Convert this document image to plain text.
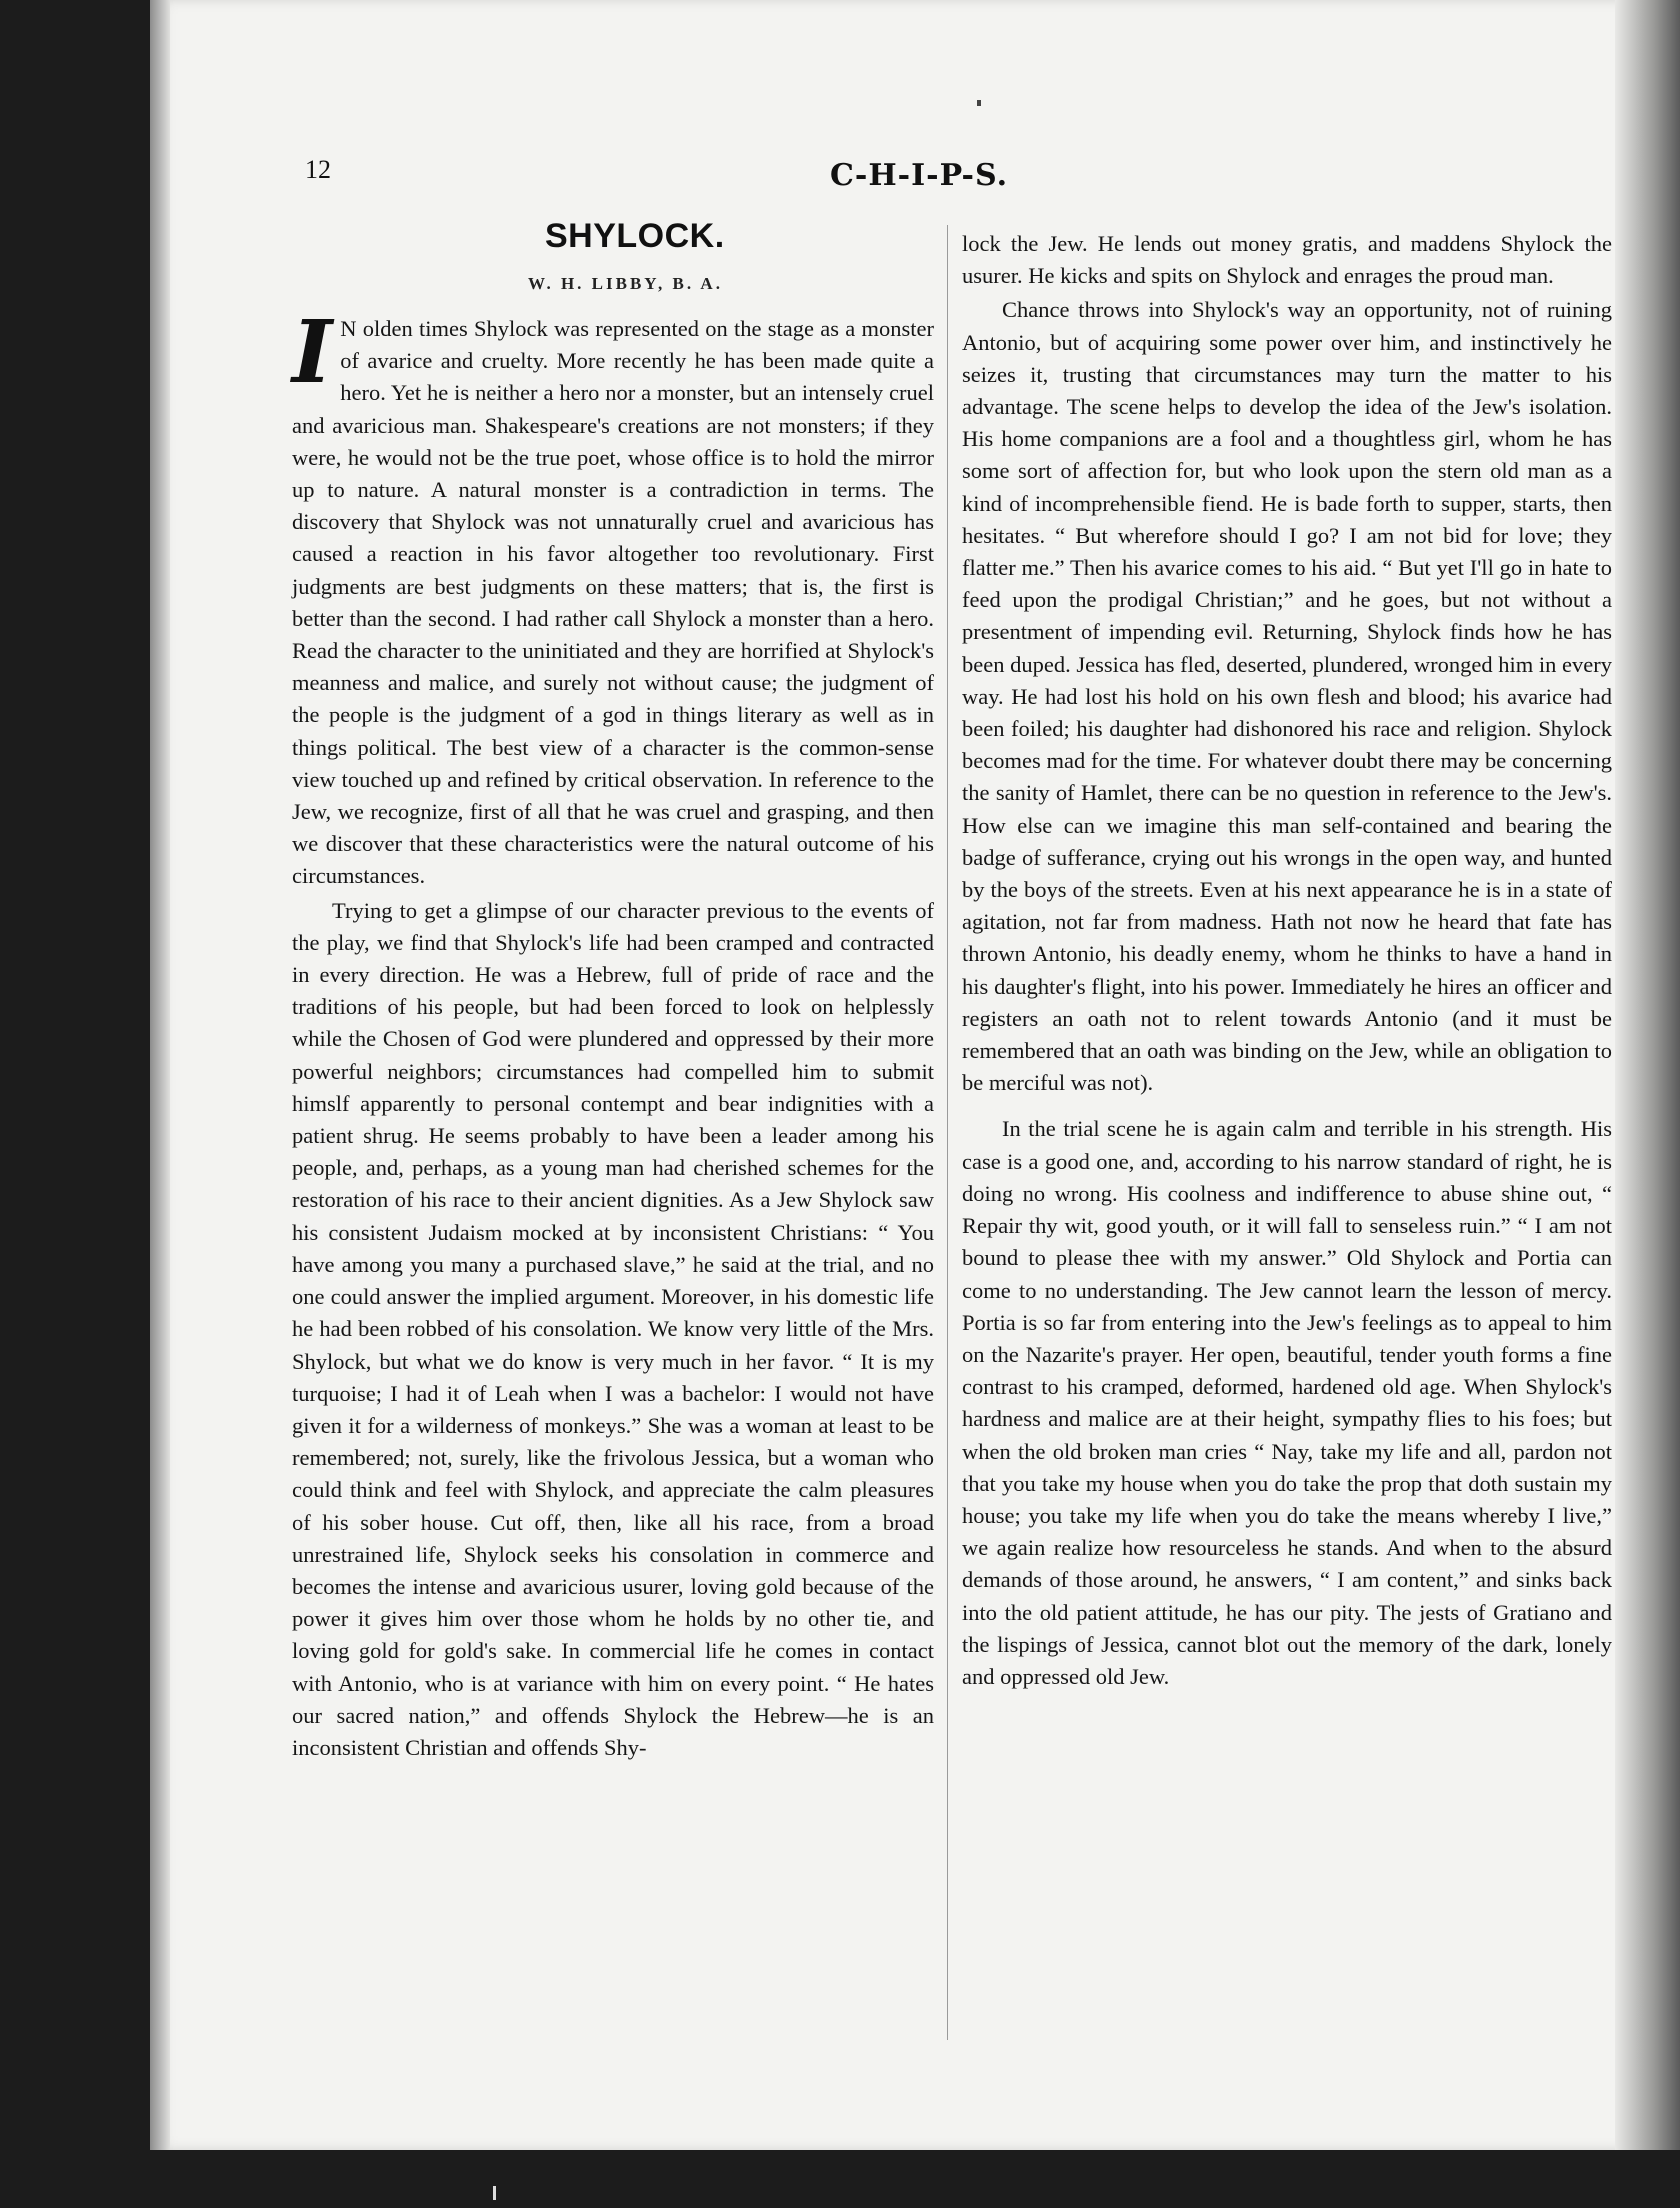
12	C-H-I-P-S.
SHYLOCK.
W. H. LIBBY, B. A.

I N olden times Shylock was represented on the stage as a monster of avarice and cruelty. More recently he has been made quite a hero. Yet he is neither a hero nor a monster, but an intensely cruel and avaricious man. Shakespeare's creations are not monsters; if they were, he would not be the true poet, whose office is to hold the mirror up to nature. A natural monster is a contradiction in terms. The discovery that Shylock was not unnaturally cruel and avaricious has caused a reaction in his favor altogether too revolutionary. First judgments are best judgments on these matters; that is, the first is better than the second. I had rather call Shylock a monster than a hero. Read the character to the uninitiated and they are horrified at Shylock's meanness and malice, and surely not without cause; the judgment of the people is the judgment of a god in things literary as well as in things political. The best view of a character is the common-sense view touched up and refined by critical observation. In reference to the Jew, we recognize, first of all that he was cruel and grasping, and then we discover that these characteristics were the natural outcome of his circumstances.

Trying to get a glimpse of our character previous to the events of the play, we find that Shylock's life had been cramped and contracted in every direction. He was a Hebrew, full of pride of race and the traditions of his people, but had been forced to look on helplessly while the Chosen of God were plundered and oppressed by their more powerful neighbors; circumstances had compelled him to submit himslf apparently to personal contempt and bear indignities with a patient shrug. He seems probably to have been a leader among his people, and, perhaps, as a young man had cherished schemes for the restoration of his race to their ancient dignities. As a Jew Shylock saw his consistent Judaism mocked at by inconsistent Christians: “ You have among you many a purchased slave,” he said at the trial, and no one could answer the implied argument. Moreover, in his domestic life he had been robbed of his consolation. We know very little of the Mrs. Shylock, but what we do know is very much in her favor. “ It is my turquoise; I had it of Leah when I was a bachelor: I would not have given it for a wilderness of monkeys.” She was a woman at least to be remembered; not, surely, like the frivolous Jessica, but a woman who could think and feel with Shylock, and appreciate the calm pleasures of his sober house. Cut off, then, like all his race, from a broad unrestrained life, Shylock seeks his consolation in commerce and becomes the intense and avaricious usurer, loving gold because of the power it gives him over those whom he holds by no other tie, and loving gold for gold's sake. In commercial life he comes in contact with Antonio, who is at variance with him on every point. “ He hates our sacred nation,” and offends Shylock the Hebrew—he is an inconsistent Christian and offends Shy-

lock the Jew. He lends out money gratis, and maddens Shylock the usurer. He kicks and spits on Shylock and enrages the proud man.

Chance throws into Shylock's way an opportunity, not of ruining Antonio, but of acquiring some power over him, and instinctively he seizes it, trusting that circumstances may turn the matter to his advantage. The scene helps to develop the idea of the Jew's isolation. His home companions are a fool and a thoughtless girl, whom he has some sort of affection for, but who look upon the stern old man as a kind of incomprehensible fiend. He is bade forth to supper, starts, then hesitates. “ But wherefore should I go? I am not bid for love; they flatter me.” Then his avarice comes to his aid. “ But yet I'll go in hate to feed upon the prodigal Christian;” and he goes, but not without a presentment of impending evil. Returning, Shylock finds how he has been duped. Jessica has fled, deserted, plundered, wronged him in every way. He had lost his hold on his own flesh and blood; his avarice had been foiled; his daughter had dishonored his race and religion. Shylock becomes mad for the time. For whatever doubt there may be concerning the sanity of Hamlet, there can be no question in reference to the Jew's. How else can we imagine this man self-contained and bearing the badge of sufferance, crying out his wrongs in the open way, and hunted by the boys of the streets. Even at his next appearance he is in a state of agitation, not far from madness. Hath not now he heard that fate has thrown Antonio, his deadly enemy, whom he thinks to have a hand in his daughter's flight, into his power. Immediately he hires an officer and registers an oath not to relent towards Antonio (and it must be remembered that an oath was binding on the Jew, while an obligation to be merciful was not).

In the trial scene he is again calm and terrible in his strength. His case is a good one, and, according to his narrow standard of right, he is doing no wrong. His coolness and indifference to abuse shine out, “ Repair thy wit, good youth, or it will fall to senseless ruin.” “ I am not bound to please thee with my answer.” Old Shylock and Portia can come to no understanding. The Jew cannot learn the lesson of mercy. Portia is so far from entering into the Jew's feelings as to appeal to him on the Nazarite's prayer. Her open, beautiful, tender youth forms a fine contrast to his cramped, deformed, hardened old age. When Shylock's hardness and malice are at their height, sympathy flies to his foes; but when the old broken man cries “ Nay, take my life and all, pardon not that you take my house when you do take the prop that doth sustain my house; you take my life when you do take the means whereby I live,” we again realize how resourceless he stands. And when to the absurd demands of those around, he answers, “ I am content,” and sinks back into the old patient attitude, he has our pity. The jests of Gratiano and the lispings of Jessica, cannot blot out the memory of the dark, lonely and oppressed old Jew.
